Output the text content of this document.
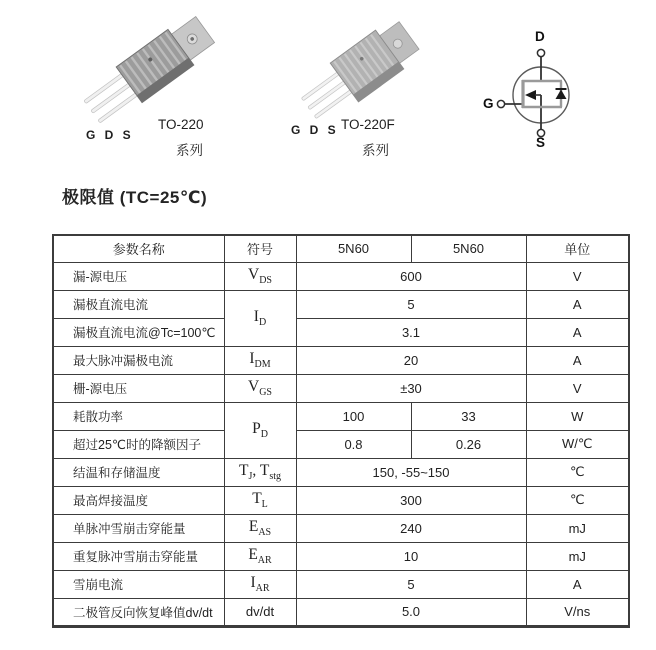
G D S
TO-220
系列
G D S TO-220F
系列
D
G
S
极限值 (TC=25℃)
参数名称	符号	5N60	5N60	单位
漏-源电压	$V_{DS}$	600		V
漏极直流电流	$I_D$	5		A
漏极直流电流@Tc=100℃		3.1		A
最大脉冲漏极电流	$I_{DM}$	20		A
栅-源电压	$V_{GS}$	±30		V
耗散功率	$P_D$	100	33	W
超过25℃时的降额因子		0.8	0.26	W/℃
结温和存储温度	$T_J$, $T_{stg}$	150, -55~150		℃
最高焊接温度	$T_L$	300		℃
单脉冲雪崩击穿能量	$E_{AS}$	240		mJ
重复脉冲雪崩击穿能量	$E_{AR}$	10		mJ
雪崩电流	$I_{AR}$	5		A
二极管反向恢复峰值dv/dt	dv/dt	5.0		V/ns
